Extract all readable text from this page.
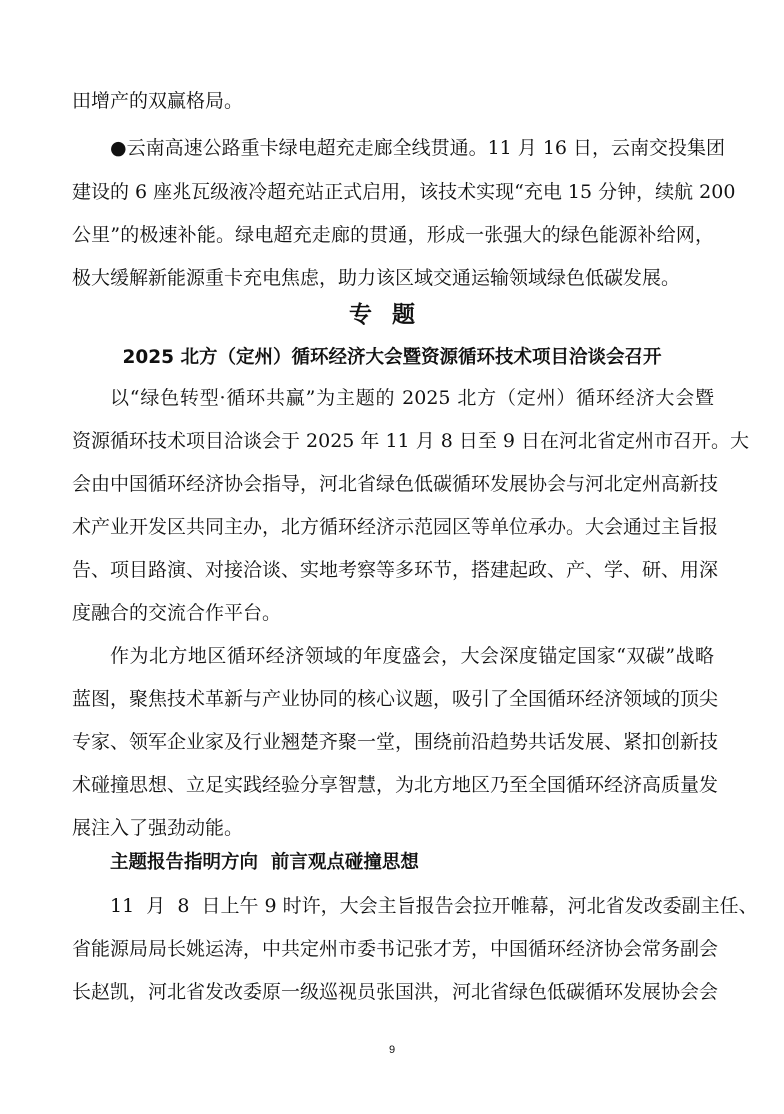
田增产的双赢格局。
●云南高速公路重卡绿电超充走廊全线贯通。11 月 16 日，云南交投集团
建设的 6 座兆瓦级液冷超充站正式启用，该技术实现“充电 15 分钟，续航 200
公里”的极速补能。绿电超充走廊的贯通，形成一张强大的绿色能源补给网，
极大缓解新能源重卡充电焦虑，助力该区域交通运输领域绿色低碳发展。
专题
2025 北方（定州）循环经济大会暨资源循环技术项目洽谈会召开
以“绿色转型·循环共赢”为主题的 2025 北方（定州）循环经济大会暨
资源循环技术项目洽谈会于 2025 年 11 月 8 日至 9 日在河北省定州市召开。大
会由中国循环经济协会指导，河北省绿色低碳循环发展协会与河北定州高新技
术产业开发区共同主办，北方循环经济示范园区等单位承办。大会通过主旨报
告、项目路演、对接洽谈、实地考察等多环节，搭建起政、产、学、研、用深
度融合的交流合作平台。
作为北方地区循环经济领域的年度盛会，大会深度锚定国家“双碳”战略
蓝图，聚焦技术革新与产业协同的核心议题，吸引了全国循环经济领域的顶尖
专家、领军企业家及行业翘楚齐聚一堂，围绕前沿趋势共话发展、紧扣创新技
术碰撞思想、立足实践经验分享智慧，为北方地区乃至全国循环经济高质量发
展注入了强劲动能。
主题报告指明方向  前言观点碰撞思想
11  月  8  日上午 9 时许，大会主旨报告会拉开帷幕，河北省发改委副主任、
省能源局局长姚运涛，中共定州市委书记张才芳，中国循环经济协会常务副会
长赵凯，河北省发改委原一级巡视员张国洪，河北省绿色低碳循环发展协会会
9
